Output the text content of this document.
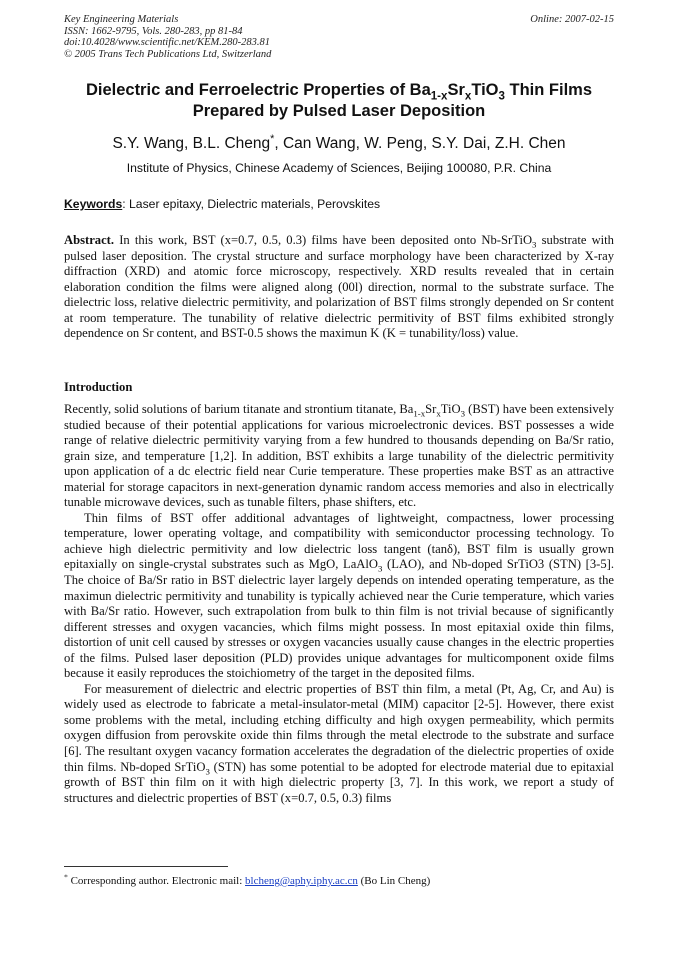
Key Engineering Materials
ISSN: 1662-9795, Vols. 280-283, pp 81-84
doi:10.4028/www.scientific.net/KEM.280-283.81
© 2005 Trans Tech Publications Ltd, Switzerland
Online: 2007-02-15
Dielectric and Ferroelectric Properties of $Ba_{1-x}Sr_xTiO_3$ Thin Films
Prepared by Pulsed Laser Deposition
S.Y. Wang, B.L. Cheng*, Can Wang, W. Peng, S.Y. Dai, Z.H. Chen
Institute of Physics, Chinese Academy of Sciences, Beijing 100080, P.R. China
Keywords: Laser epitaxy, Dielectric materials, Perovskites
Abstract. In this work, BST (x=0.7, 0.5, 0.3) films have been deposited onto Nb-SrTiO$_3$ substrate with pulsed laser deposition. The crystal structure and surface morphology have been characterized by X-ray diffraction (XRD) and atomic force microscopy, respectively. XRD results revealed that in certain elaboration condition the films were aligned along (00l) direction, normal to the substrate surface. The dielectric loss, relative dielectric permitivity, and polarization of BST films strongly depended on Sr content at room temperature. The tunability of relative dielectric permitivity of BST films exhibited strongly dependence on Sr content, and BST-0.5 shows the maximun K (K = tunability/loss) value.
Introduction

Recently, solid solutions of barium titanate and strontium titanate, $Ba_{1-x}Sr_xTiO_3$ (BST) have been extensively studied because of their potential applications for various microelectronic devices. BST possesses a wide range of relative dielectric permitivity varying from a few hundred to thousands depending on Ba/Sr ratio, grain size, and temperature [1,2]. In addition, BST exhibits a large tunability of the dielectric permitivity upon application of a dc electric field near Curie temperature. These properties make BST as an attractive material for storage capacitors in next-generation dynamic random access memories and also in electrically tunable microwave devices, such as tunable filters, phase shifters, etc.

Thin films of BST offer additional advantages of lightweight, compactness, lower processing temperature, lower operating voltage, and compatibility with semiconductor processing technology. To achieve high dielectric permitivity and low dielectric loss tangent (tanδ), BST film is usually grown epitaxially on single-crystal substrates such as MgO, LaAlO$_3$ (LAO), and Nb-doped SrTiO3 (STN) [3-5]. The choice of Ba/Sr ratio in BST dielectric layer largely depends on intended operating temperature, as the maximun dielectric permitivity and tunability is typically achieved near the Curie temperature, which varies with Ba/Sr ratio. However, such extrapolation from bulk to thin film is not trivial because of significantly different stresses and oxygen vacancies, which films might possess. In most epitaxial oxide thin films, distortion of unit cell caused by stresses or oxygen vacancies usually cause changes in the electric properties of the films. Pulsed laser deposition (PLD) provides unique advantages for multicomponent oxide films because it easily reproduces the stoichiometry of the target in the deposited films.

For measurement of dielectric and electric properties of BST thin film, a metal (Pt, Ag, Cr, and Au) is widely used as electrode to fabricate a metal-insulator-metal (MIM) capacitor [2-5]. However, there exist some problems with the metal, including etching difficulty and high oxygen permeability, which permits oxygen diffusion from perovskite oxide thin films through the metal electrode to the substrate and surface [6]. The resultant oxygen vacancy formation accelerates the degradation of the dielectric properties of oxide thin films. Nb-doped SrTiO$_3$ (STN) has some potential to be adopted for electrode material due to epitaxial growth of BST thin film on it with high dielectric property [3, 7]. In this work, we report a study of structures and dielectric properties of BST (x=0.7, 0.5, 0.3) films

* Corresponding author. Electronic mail: blcheng@aphy.iphy.ac.cn (Bo Lin Cheng)
